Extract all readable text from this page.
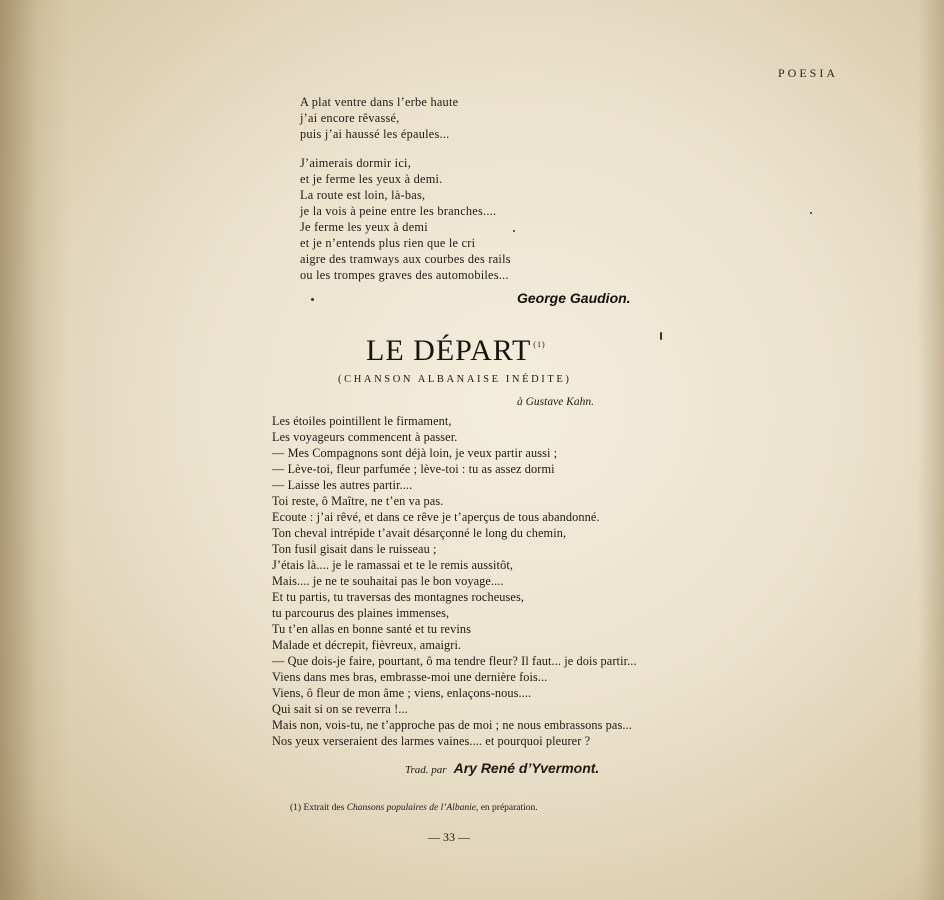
POESIA
A plat ventre dans l’erbe haute
j’ai encore rêvassé,
puis j’ai haussé les épaules...
J’aimerais dormir ici,
et je ferme les yeux à demi.
La route est loin, là-bas,
je la vois à peine entre les branches....
Je ferme les yeux à demi
et je n’entends plus rien que le cri
aigre des tramways aux courbes des rails
ou les trompes graves des automobiles...
George Gaudion.
LE DÉPART $^{(1)}$
(CHANSON ALBANAISE INÉDITE)
à Gustave Kahn.
Les étoiles pointillent le firmament,
Les voyageurs commencent à passer.
— Mes Compagnons sont déjà loin, je veux partir aussi ;
— Lève-toi, fleur parfumée ; lève-toi : tu as assez dormi
— Laisse les autres partir....
Toi reste, ô Maître, ne t’en va pas.
Ecoute : j’ai rêvé, et dans ce rêve je t’aperçus de tous abandonné.
Ton cheval intrépide t’avait désarçonné le long du chemin,
Ton fusil gisait dans le ruisseau ;
J’étais là.... je le ramassai et te le remis aussitôt,
Mais.... je ne te souhaitai pas le bon voyage....
Et tu partis, tu traversas des montagnes rocheuses,
tu parcourus des plaines immenses,
Tu t’en allas en bonne santé et tu revins
Malade et décrepit, fièvreux, amaigri.
— Que dois-je faire, pourtant, ô ma tendre fleur? Il faut... je dois partir...
Viens dans mes bras, embrasse-moi une dernière fois...
Viens, ô fleur de mon âme ; viens, enlaçons-nous....
Qui sait si on se reverra !...
Mais non, vois-tu, ne t’approche pas de moi ; ne nous embrassons pas...
Nos yeux verseraient des larmes vaines.... et pourquoi pleurer ?
Trad. par Ary René d’Yvermont.
(1) Extrait des Chansons populaires de l’Albanie, en préparation.
— 33 —
